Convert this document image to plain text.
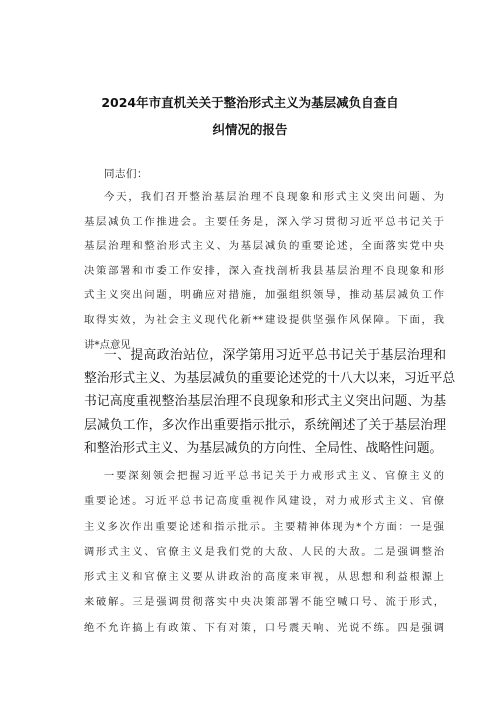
2024年市直机关关于整治形式主义为基层减负自查自
纠情况的报告
同志们：
今天，我们召开整治基层治理不良现象和形式主义突出问题、为
基层减负工作推进会。主要任务是，深入学习贯彻习近平总书记关于
基层治理和整治形式主义、为基层减负的重要论述，全面落实党中央
决策部署和市委工作安排，深入查找剖析我县基层治理不良现象和形
式主义突出问题，明确应对措施，加强组织领导，推动基层减负工作
取得实效，为社会主义现代化新**建设提供坚强作风保障。下面，我
讲*点意见
一、提高政治站位，深学第用习近平总书记关于基层治理和
整治形式主义、为基层减负的重要论述党的十八大以来，习近平总
书记高度重视整治基层治理不良现象和形式主义突出问题、为基
层减负工作，多次作出重要指示批示，系统阐述了关于基层治理
和整治形式主义、为基层减负的方向性、全局性、战略性问题。
一要深刻领会把握习近平总书记关于力戒形式主义、官僚主义的
重要论述。习近平总书记高度重视作风建设，对力戒形式主义、官僚
主义多次作出重要论述和指示批示。主要精神体现为*个方面：一是强
调形式主义、官僚主义是我们党的大敌、人民的大敌。二是强调整治
形式主义和官僚主义要从讲政治的高度来审视，从思想和利益根源上
来破解。三是强调贯彻落实中央决策部署不能空喊口号、流于形式，
绝不允许搞上有政策、下有对策，口号震天响、光说不练。四是强调
